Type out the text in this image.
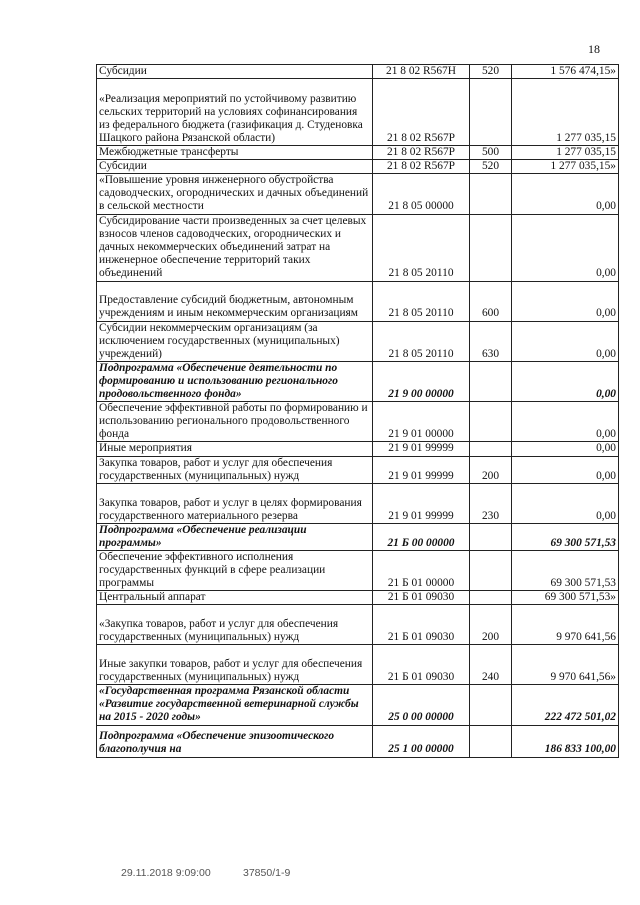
18
Субсидии	21 8 02 R567Н	520	1 576 474,15»
«Реализация мероприятий по устойчивому развитию сельских территорий на условиях софинансирования из федерального бюджета (газификация д. Студеновка Шацкого района Рязанской области)	21 8 02 R567Р		1 277 035,15
Межбюджетные трансферты	21 8 02 R567Р	500	1 277 035,15
Субсидии	21 8 02 R567Р	520	1 277 035,15»
«Повышение уровня инженерного обустройства садоводческих, огороднических и дачных объединений в сельской местности	21 8 05 00000		0,00
Субсидирование части произведенных за счет целевых взносов членов садоводческих, огороднических и дачных некоммерческих объединений затрат на инженерное обеспечение территорий таких объединений	21 8 05 20110		0,00
Предоставление субсидий бюджетным, автономным учреждениям и иным некоммерческим организациям	21 8 05 20110	600	0,00
Субсидии некоммерческим организациям (за исключением государственных (муниципальных) учреждений)	21 8 05 20110	630	0,00
Подпрограмма «Обеспечение деятельности по формированию и использованию регионального продовольственного фонда»	21 9 00 00000		0,00
Обеспечение эффективной работы по формированию и использованию регионального продовольственного фонда	21 9 01 00000		0,00
Иные мероприятия	21 9 01 99999		0,00
Закупка товаров, работ и услуг для обеспечения государственных (муниципальных) нужд	21 9 01 99999	200	0,00
Закупка товаров, работ и услуг в целях формирования государственного материального резерва	21 9 01 99999	230	0,00
Подпрограмма «Обеспечение реализации программы»	21 Б 00 00000		69 300 571,53
Обеспечение эффективного исполнения государственных функций в сфере реализации программы	21 Б 01 00000		69 300 571,53
Центральный аппарат	21 Б 01 09030		69 300 571,53»
«Закупка товаров, работ и услуг для обеспечения государственных (муниципальных) нужд	21 Б 01 09030	200	9 970 641,56
Иные закупки товаров, работ и услуг для обеспечения государственных (муниципальных) нужд	21 Б 01 09030	240	9 970 641,56»
«Государственная программа Рязанской области «Развитие государственной ветеринарной службы на 2015 - 2020 годы»	25 0 00 00000		222 472 501,02
Подпрограмма «Обеспечение эпизоотического благополучия на	25 1 00 00000		186 833 100,00
29.11.2018 9:09:00	37850/1-9
